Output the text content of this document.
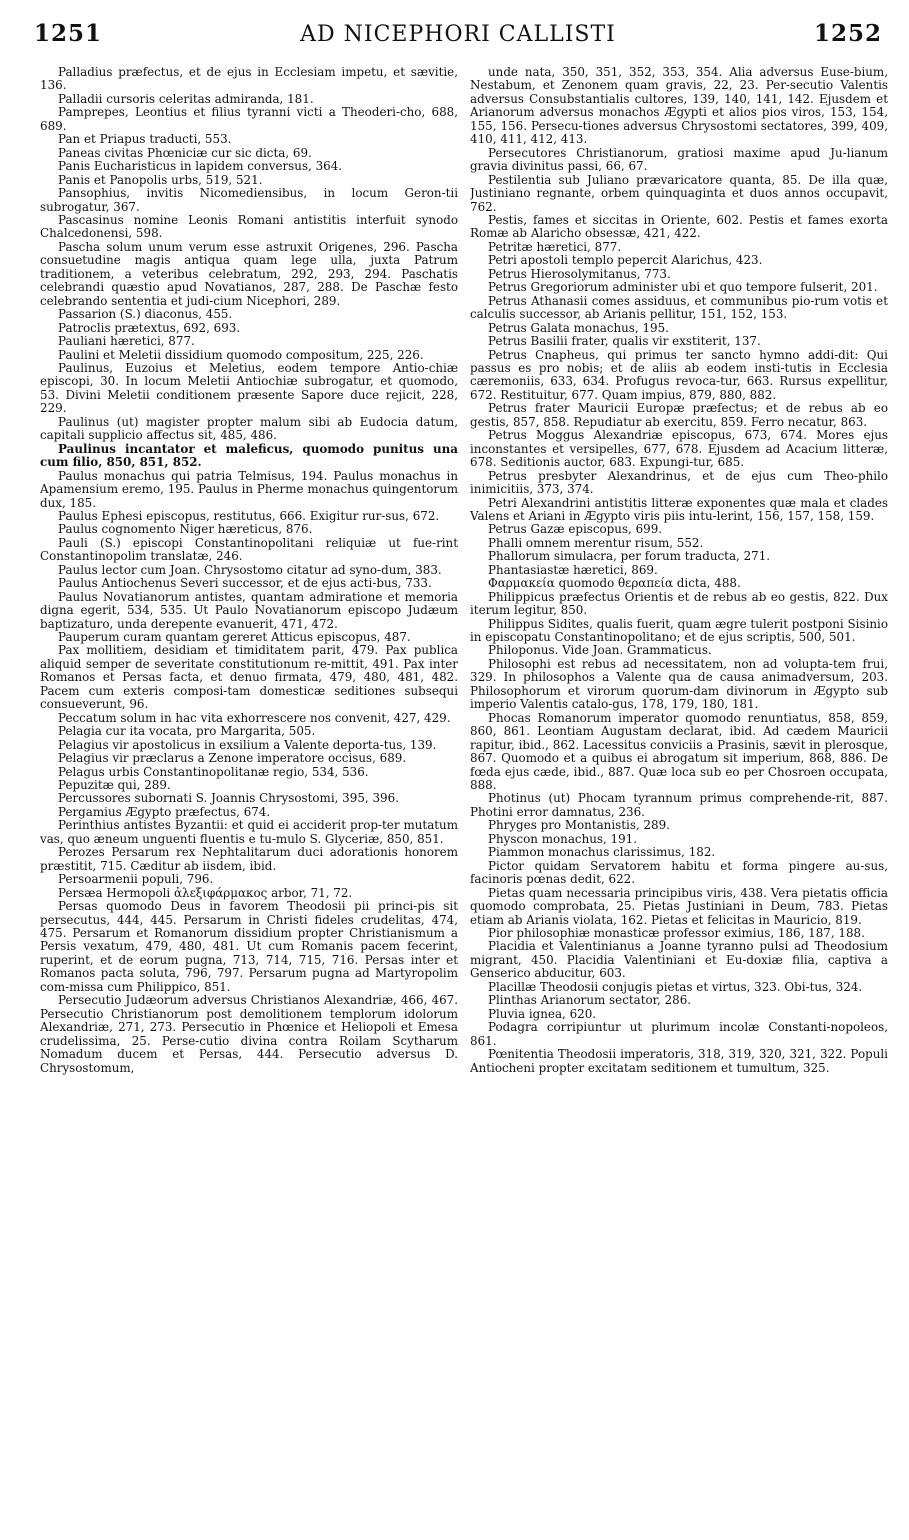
1251	AD NICEPHORI CALLISTI	1252

Palladius præfectus, et de ejus in Ecclesiam impetu, et sævitie, 136.

Palladii cursoris celeritas admiranda, 181.

Pamprepes, Leontius et filius tyranni victi a Theoderi-cho, 688, 689.

Pan et Priapus traducti, 553.

Paneas civitas Phœniciæ cur sic dicta, 69.

Panis Eucharisticus in lapidem conversus, 364.

Panis et Panopolis urbs, 519, 521.

Pansophius, invitis Nicomediensibus, in locum Geron-tii subrogatur, 367.

Pascasinus nomine Leonis Romani antistitis interfuit synodo Chalcedonensi, 598.

Pascha solum unum verum esse astruxit Origenes, 296. Pascha consuetudine magis antiqua quam lege ulla, juxta Patrum traditionem, a veteribus celebratum, 292, 293, 294. Paschatis celebrandi quæstio apud Novatianos, 287, 288. De Paschæ festo celebrando sententia et judi-cium Nicephori, 289.

Passarion (S.) diaconus, 455.

Patroclis prætextus, 692, 693.

Pauliani hæretici, 877.

Paulini et Meletii dissidium quomodo compositum, 225, 226.

Paulinus, Euzoius et Meletius, eodem tempore Antio-chiæ episcopi, 30. In locum Meletii Antiochiæ subrogatur, et quomodo, 53. Divini Meletii conditionem præsente Sapore duce rejicit, 228, 229.

Paulinus (ut) magister propter malum sibi ab Eudocia datum, capitali supplicio affectus sit, 485, 486.

Paulinus incantator et maleficus, quomodo punitus una cum filio, 850, 851, 852.

Paulus monachus qui patria Telmisus, 194. Paulus monachus in Apamensium eremo, 195. Paulus in Pherme monachus quingentorum dux, 185.

Paulus Ephesi episcopus, restitutus, 666. Exigitur rur-sus, 672.

Paulus cognomento Niger hæreticus, 876.

Pauli (S.) episcopi Constantinopolitani reliquiæ ut fue-rint Constantinopolim translatæ, 246.

Paulus lector cum Joan. Chrysostomo citatur ad syno-dum, 383.

Paulus Antiochenus Severi successor, et de ejus acti-bus, 733.

Paulus Novatianorum antistes, quantam admiratione et memoria digna egerit, 534, 535. Ut Paulo Novatianorum episcopo Judæum baptizaturo, unda derepente evanuerit, 471, 472.

Pauperum curam quantam gereret Atticus episcopus, 487.

Pax mollitiem, desidiam et timiditatem parit, 479. Pax publica aliquid semper de severitate constitutionum re-mittit, 491. Pax inter Romanos et Persas facta, et denuo firmata, 479, 480, 481, 482. Pacem cum exteris composi-tam domesticæ seditiones subsequi consueverunt, 96.

Peccatum solum in hac vita exhorrescere nos convenit, 427, 429.

Pelagia cur ita vocata, pro Margarita, 505.

Pelagius vir apostolicus in exsilium a Valente deporta-tus, 139.

Pelagius vir præclarus a Zenone imperatore occisus, 689.

Pelagus urbis Constantinopolitanæ regio, 534, 536.

Pepuzitæ qui, 289.

Percussores subornati S. Joannis Chrysostomi, 395, 396.

Pergamius Ægypto præfectus, 674.

Perinthius antistes Byzantii: et quid ei acciderit prop-ter mutatum vas, quo æneum unguenti fluentis e tu-mulo S. Glyceriæ, 850, 851.

Perozes Persarum rex Nephtalitarum duci adorationis honorem præstitit, 715. Cæditur ab iisdem, ibid.

Persoarmenii populi, 796.

Persæa Hermopoli ἀλεξιφάρμακος arbor, 71, 72.

Persas quomodo Deus in favorem Theodosii pii princi-pis sit persecutus, 444, 445. Persarum in Christi fideles crudelitas, 474, 475. Persarum et Romanorum dissidium propter Christianismum a Persis vexatum, 479, 480, 481. Ut cum Romanis pacem fecerint, ruperint, et de eorum pugna, 713, 714, 715, 716. Persas inter et Romanos pacta soluta, 796, 797. Persarum pugna ad Martyropolim com-missa cum Philippico, 851.

Persecutio Judæorum adversus Christianos Alexandriæ, 466, 467. Persecutio Christianorum post demolitionem templorum idolorum Alexandriæ, 271, 273. Persecutio in Phœnice et Heliopoli et Emesa crudelissima, 25. Perse-cutio divina contra Roilam Scytharum Nomadum ducem et Persas, 444. Persecutio adversus D. Chrysostomum,

unde nata, 350, 351, 352, 353, 354. Alia adversus Euse-bium, Nestabum, et Zenonem quam gravis, 22, 23. Per-secutio Valentis adversus Consubstantialis cultores, 139, 140, 141, 142. Ejusdem et Arianorum adversus monachos Ægypti et alios pios viros, 153, 154, 155, 156. Persecu-tiones adversus Chrysostomi sectatores, 399, 409, 410, 411, 412, 413.

Persecutores Christianorum, gratiosi maxime apud Ju-lianum gravia divinitus passi, 66, 67.

Pestilentia sub Juliano prævaricatore quanta, 85. De illa quæ, Justiniano regnante, orbem quinquaginta et duos annos occupavit, 762.

Pestis, fames et siccitas in Oriente, 602. Pestis et fames exorta Romæ ab Alaricho obsessæ, 421, 422.

Petritæ hæretici, 877.

Petri apostoli templo pepercit Alarichus, 423.

Petrus Hierosolymitanus, 773.

Petrus Gregoriorum administer ubi et quo tempore fulserit, 201.

Petrus Athanasii comes assiduus, et communibus pio-rum votis et calculis successor, ab Arianis pellitur, 151, 152, 153.

Petrus Galata monachus, 195.

Petrus Basilii frater, qualis vir exstiterit, 137.

Petrus Cnapheus, qui primus ter sancto hymno addi-dit: Qui passus es pro nobis; et de aliis ab eodem insti-tutis in Ecclesia cæremoniis, 633, 634. Profugus revoca-tur, 663. Rursus expellitur, 672. Restituitur, 677. Quam impius, 879, 880, 882.

Petrus frater Mauricii Europæ præfectus; et de rebus ab eo gestis, 857, 858. Repudiatur ab exercitu, 859. Ferro necatur, 863.

Petrus Moggus Alexandriæ episcopus, 673, 674. Mores ejus inconstantes et versipelles, 677, 678. Ejusdem ad Acacium litteræ, 678. Seditionis auctor, 683. Expungi-tur, 685.

Petrus presbyter Alexandrinus, et de ejus cum Theo-philo inimicitiis, 373, 374.

Petri Alexandrini antistitis litteræ exponentes quæ mala et clades Valens et Ariani in Ægypto viris piis intu-lerint, 156, 157, 158, 159.

Petrus Gazæ episcopus, 699.

Phalli omnem merentur risum, 552.

Phallorum simulacra, per forum traducta, 271.

Phantasiastæ hæretici, 869.

Φαρμακεία quomodo θεραπεία dicta, 488.

Philippicus præfectus Orientis et de rebus ab eo gestis, 822. Dux iterum legitur, 850.

Philippus Sidites, qualis fuerit, quam ægre tulerit postponi Sisinio in episcopatu Constantinopolitano; et de ejus scriptis, 500, 501.

Philoponus. Vide Joan. Grammaticus.

Philosophi est rebus ad necessitatem, non ad volupta-tem frui, 329. In philosophos a Valente qua de causa animadversum, 203. Philosophorum et virorum quorum-dam divinorum in Ægypto sub imperio Valentis catalo-gus, 178, 179, 180, 181.

Phocas Romanorum imperator quomodo renuntiatus, 858, 859, 860, 861. Leontiam Augustam declarat, ibid. Ad cædem Mauricii rapitur, ibid., 862. Lacessitus conviciis a Prasinis, sævit in plerosque, 867. Quomodo et a quibus ei abrogatum sit imperium, 868, 886. De fœda ejus cæde, ibid., 887. Quæ loca sub eo per Chosroen occupata, 888.

Photinus (ut) Phocam tyrannum primus comprehende-rit, 887. Photini error damnatus, 236.

Phryges pro Montanistis, 289.

Physcon monachus, 191.

Piammon monachus clarissimus, 182.

Pictor quidam Servatorem habitu et forma pingere au-sus, facinoris pœnas dedit, 622.

Pietas quam necessaria principibus viris, 438. Vera pietatis officia quomodo comprobata, 25. Pietas Justiniani in Deum, 783. Pietas etiam ab Arianis violata, 162. Pietas et felicitas in Mauricio, 819.

Pior philosophiæ monasticæ professor eximius, 186, 187, 188.

Placidia et Valentinianus a Joanne tyranno pulsi ad Theodosium migrant, 450. Placidia Valentiniani et Eu-doxiæ filia, captiva a Genserico abducitur, 603.

Placillæ Theodosii conjugis pietas et virtus, 323. Obi-tus, 324.

Plinthas Arianorum sectator, 286.

Pluvia ignea, 620.

Podagra corripiuntur ut plurimum incolæ Constanti-nopoleos, 861.

Pœnitentia Theodosii imperatoris, 318, 319, 320, 321, 322. Populi Antiocheni propter excitatam seditionem et tumultum, 325.
